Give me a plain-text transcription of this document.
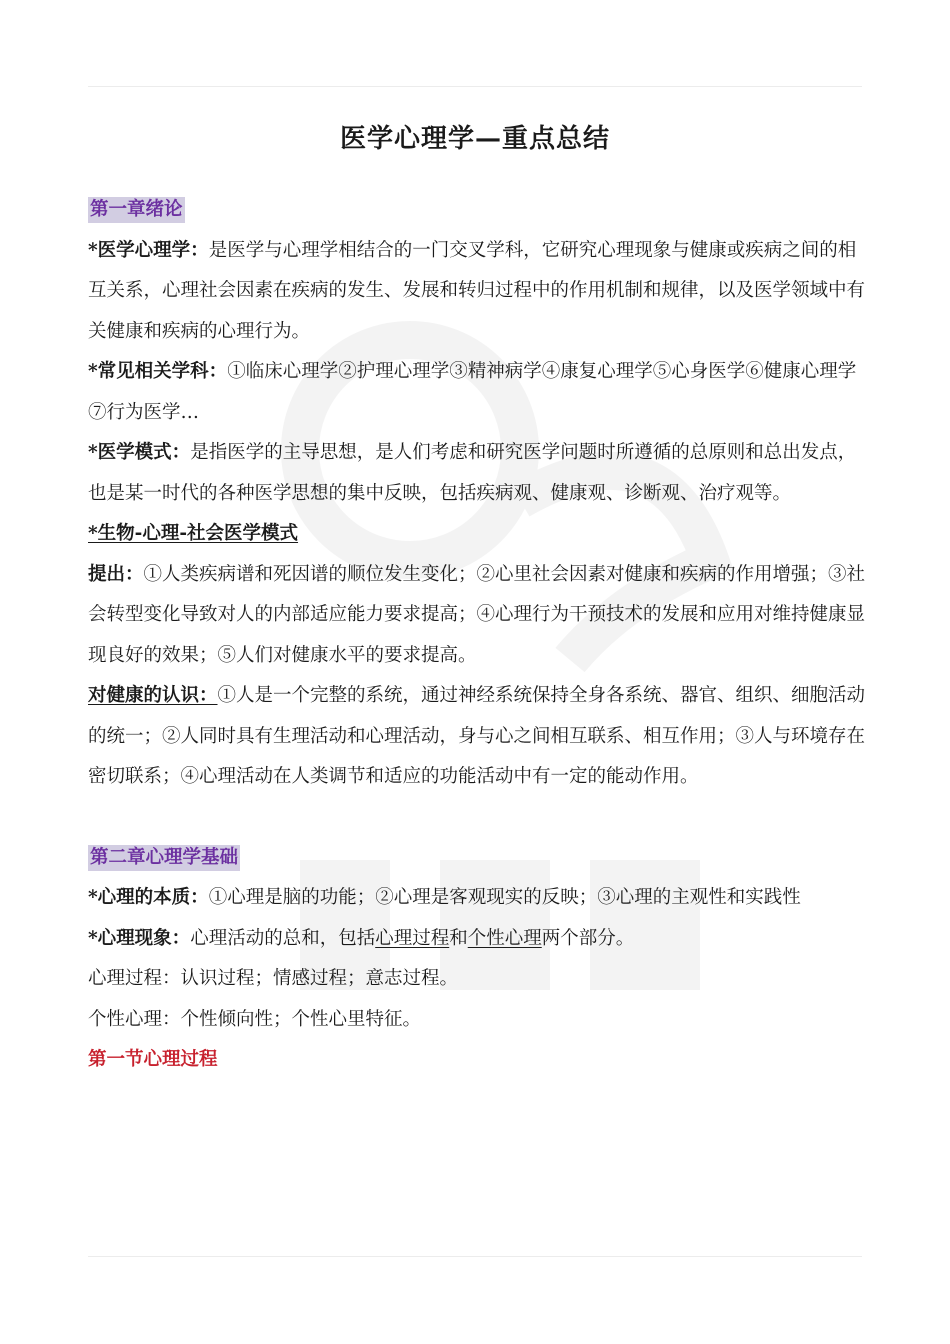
医学心理学—重点总结

第一章绪论

*医学心理学：是医学与心理学相结合的一门交叉学科，它研究心理现象与健康或疾病之间的相互关系，心理社会因素在疾病的发生、发展和转归过程中的作用机制和规律，以及医学领域中有关健康和疾病的心理行为。

*常见相关学科：①临床心理学②护理心理学③精神病学④康复心理学⑤心身医学⑥健康心理学⑦行为医学…

*医学模式：是指医学的主导思想，是人们考虑和研究医学问题时所遵循的总原则和总出发点，也是某一时代的各种医学思想的集中反映，包括疾病观、健康观、诊断观、治疗观等。

*生物-心理-社会医学模式

提出：①人类疾病谱和死因谱的顺位发生变化；②心里社会因素对健康和疾病的作用增强；③社会转型变化导致对人的内部适应能力要求提高；④心理行为干预技术的发展和应用对维持健康显现良好的效果；⑤人们对健康水平的要求提高。

对健康的认识：①人是一个完整的系统，通过神经系统保持全身各系统、器官、组织、细胞活动的统一；②人同时具有生理活动和心理活动，身与心之间相互联系、相互作用；③人与环境存在密切联系；④心理活动在人类调节和适应的功能活动中有一定的能动作用。

第二章心理学基础

*心理的本质：①心理是脑的功能；②心理是客观现实的反映；③心理的主观性和实践性

*心理现象：心理活动的总和，包括心理过程和个性心理两个部分。

心理过程：认识过程；情感过程；意志过程。

个性心理：个性倾向性；个性心里特征。

第一节心理过程
